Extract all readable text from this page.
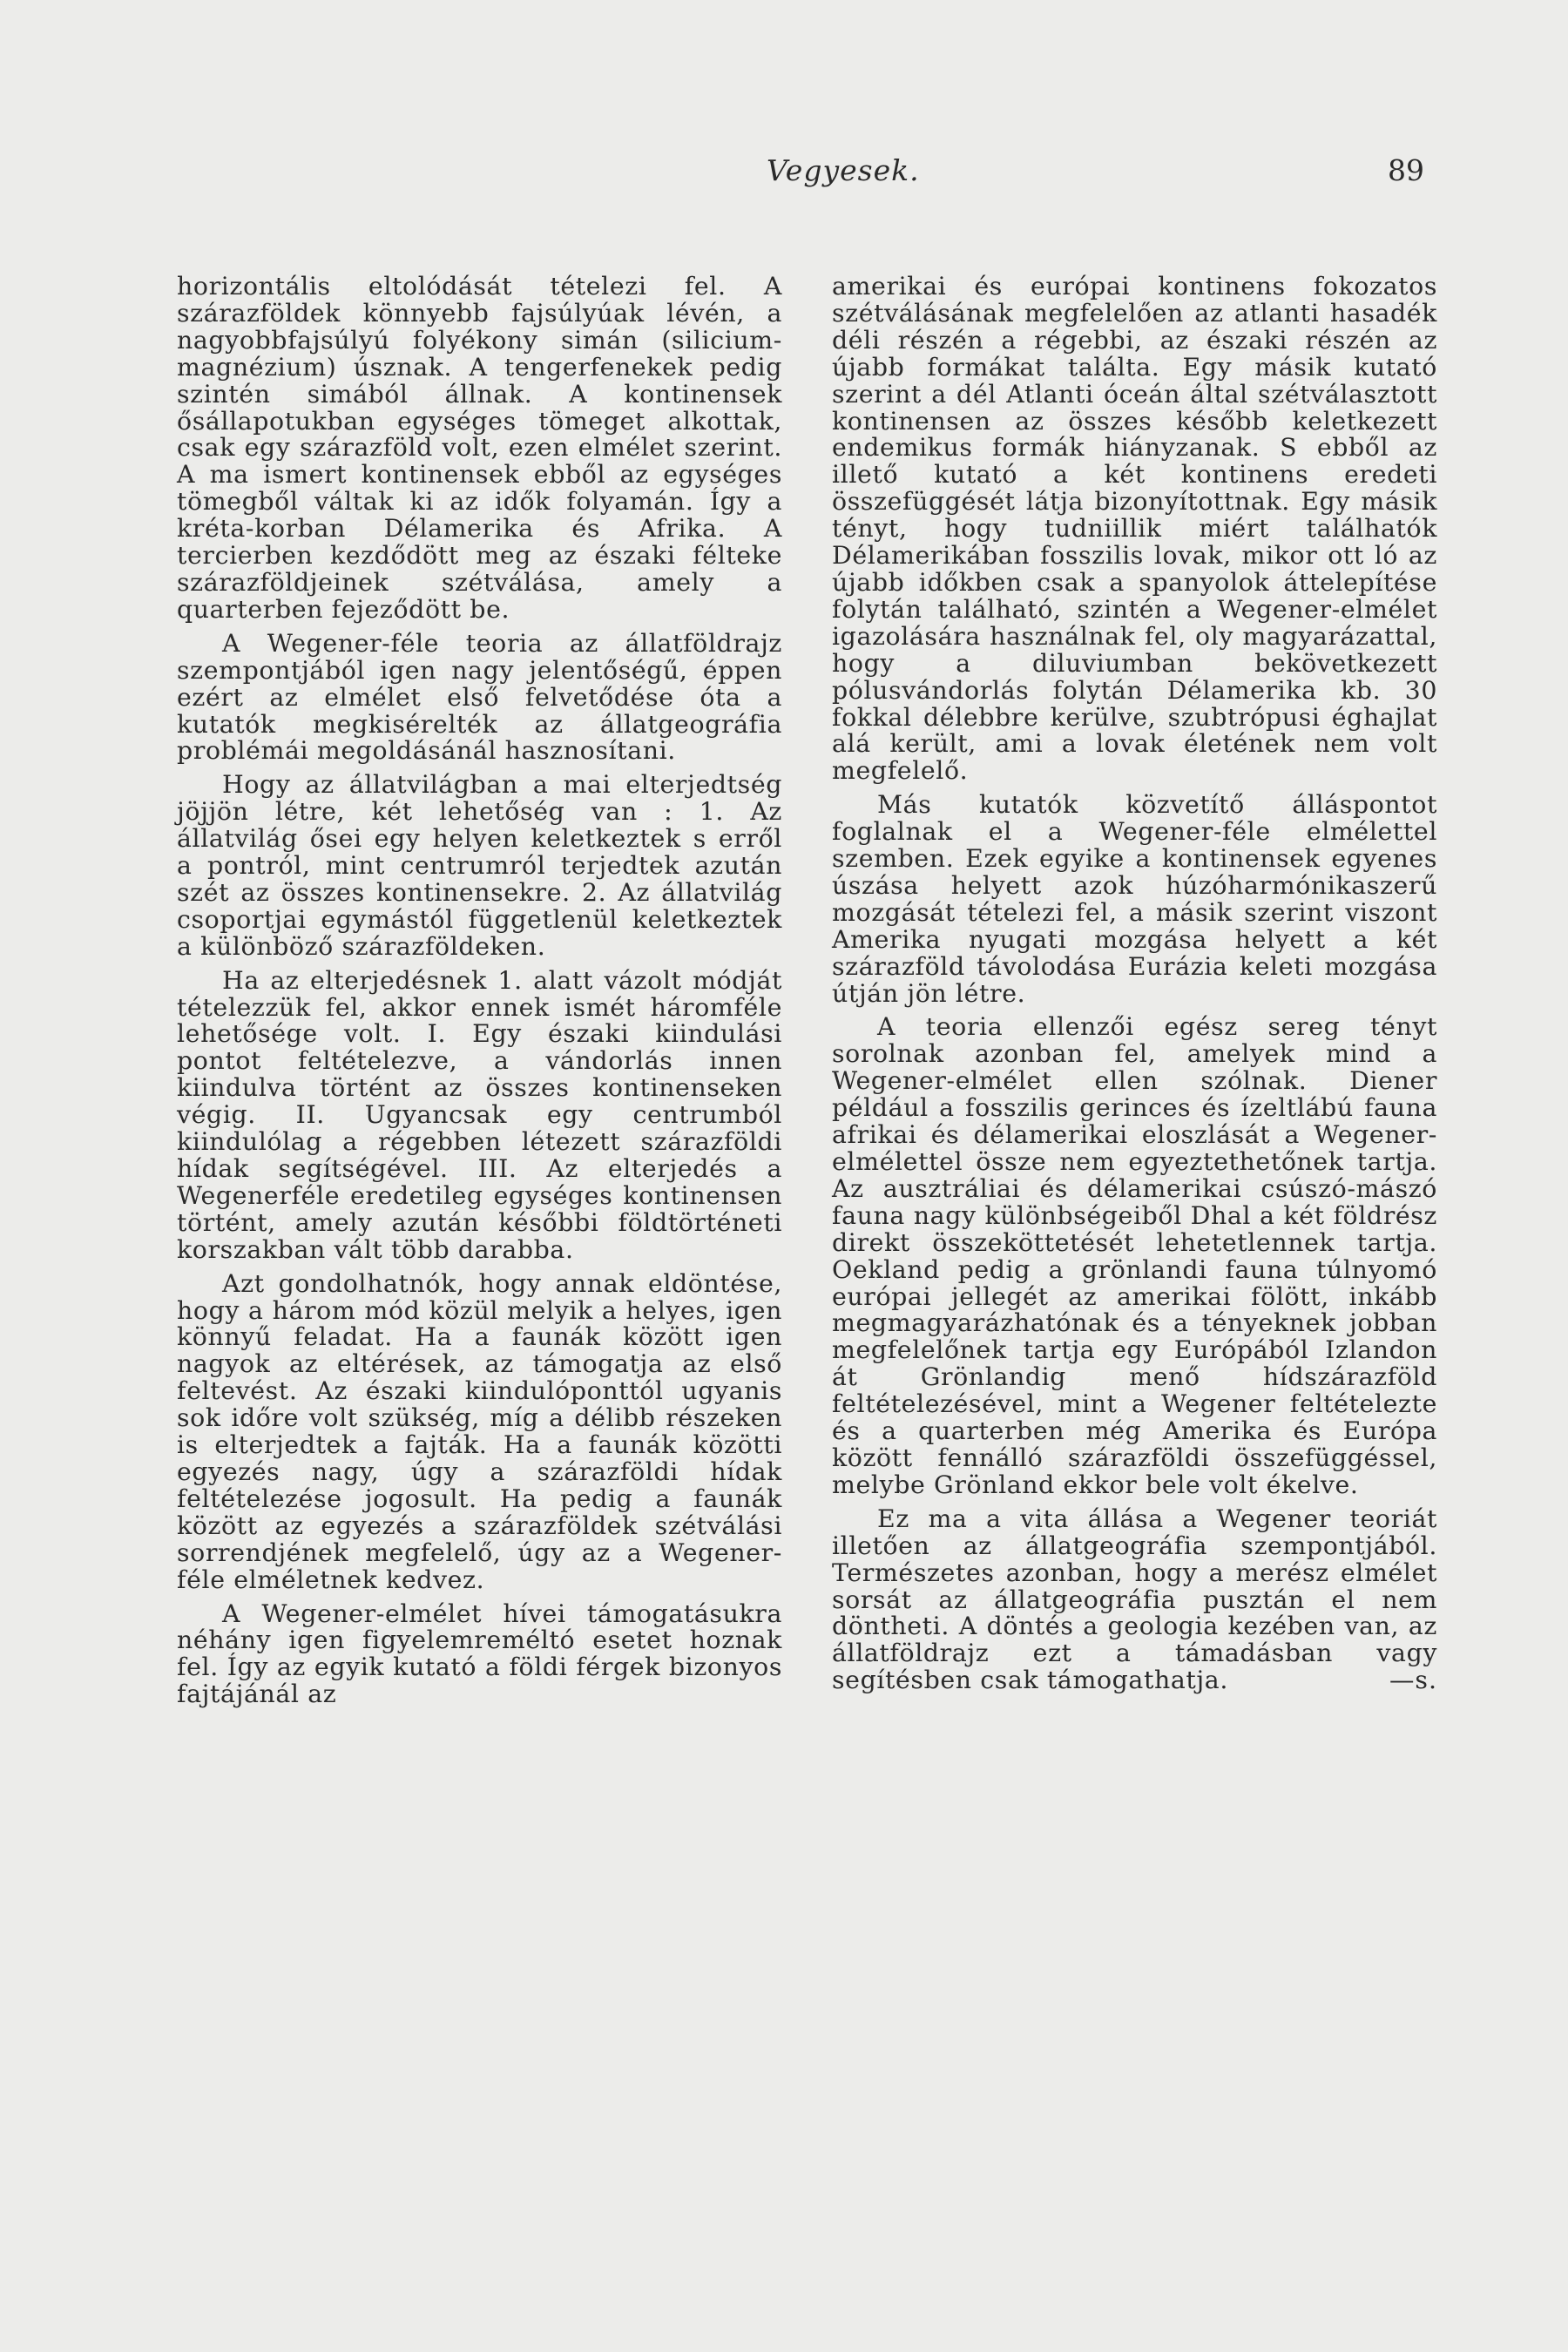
Vegyesek.	89

horizontális eltolódását tételezi fel. A szárazföldek könnyebb fajsúlyúak lévén, a nagyobbfajsúlyú folyékony simán (silicium-magnézium) úsznak. A tengerfenekek pedig szintén simából állnak. A kontinensek ősállapotukban egységes tömeget alkottak, csak egy szárazföld volt, ezen elmélet szerint. A ma ismert kontinensek ebből az egységes tömegből váltak ki az idők folyamán. Így a kréta-korban Délamerika és Afrika. A tercierben kezdődött meg az északi félteke szárazföldjeinek szétválása, amely a quarterben fejeződött be.

A Wegener-féle teoria az állatföldrajz szempontjából igen nagy jelentőségű, éppen ezért az elmélet első felvetődése óta a kutatók megkisérelték az állatgeográfia problémái megoldásánál hasznosítani.

Hogy az állatvilágban a mai elterjedtség jöjjön létre, két lehetőség van : 1. Az állatvilág ősei egy helyen keletkeztek s erről a pontról, mint centrumról terjedtek azután szét az összes kontinensekre. 2. Az állatvilág csoportjai egymástól függetlenül keletkeztek a különböző szárazföldeken.

Ha az elterjedésnek 1. alatt vázolt módját tételezzük fel, akkor ennek ismét háromféle lehetősége volt. I. Egy északi kiindulási pontot feltételezve, a vándorlás innen kiindulva történt az összes kontinenseken végig. II. Ugyancsak egy centrumból kiindulólag a régebben létezett szárazföldi hídak segítségével. III. Az elterjedés a Wegenerféle eredetileg egységes kontinensen történt, amely azután későbbi földtörténeti korszakban vált több darabba.

Azt gondolhatnók, hogy annak eldöntése, hogy a három mód közül melyik a helyes, igen könnyű feladat. Ha a faunák között igen nagyok az eltérések, az támogatja az első feltevést. Az északi kiindulóponttól ugyanis sok időre volt szükség, míg a délibb részeken is elterjedtek a fajták. Ha a faunák közötti egyezés nagy, úgy a szárazföldi hídak feltételezése jogosult. Ha pedig a faunák között az egyezés a szárazföldek szétválási sorrendjének megfelelő, úgy az a Wegener-féle elméletnek kedvez.

A Wegener-elmélet hívei támogatásukra néhány igen figyelemreméltó esetet hoznak fel. Így az egyik kutató a földi férgek bizonyos fajtájánál az

amerikai és európai kontinens fokozatos szétválásának megfelelően az atlanti hasadék déli részén a régebbi, az északi részén az újabb formákat találta. Egy másik kutató szerint a dél Atlanti óceán által szétválasztott kontinensen az összes később keletkezett endemikus formák hiányzanak. S ebből az illető kutató a két kontinens eredeti összefüggését látja bizonyítottnak. Egy másik tényt, hogy tudniillik miért találhatók Délamerikában fosszilis lovak, mikor ott ló az újabb időkben csak a spanyolok áttelepítése folytán található, szintén a Wegener-elmélet igazolására használnak fel, oly magyarázattal, hogy a diluviumban bekövetkezett pólusvándorlás folytán Délamerika kb. 30 fokkal délebbre kerülve, szubtrópusi éghajlat alá került, ami a lovak életének nem volt megfelelő.

Más kutatók közvetítő álláspontot foglalnak el a Wegener-féle elmélettel szemben. Ezek egyike a kontinensek egyenes úszása helyett azok húzóharmónikaszerű mozgását tételezi fel, a másik szerint viszont Amerika nyugati mozgása helyett a két szárazföld távolodása Eurázia keleti mozgása útján jön létre.

A teoria ellenzői egész sereg tényt sorolnak azonban fel, amelyek mind a Wegener-elmélet ellen szólnak. Diener például a fosszilis gerinces és ízeltlábú fauna afrikai és délamerikai eloszlását a Wegener-elmélettel össze nem egyeztethetőnek tartja. Az ausztráliai és délamerikai csúszó-mászó fauna nagy különbségeiből Dhal a két földrész direkt összeköttetését lehetetlennek tartja. Oekland pedig a grönlandi fauna túlnyomó európai jellegét az amerikai fölött, inkább megmagyarázhatónak és a tényeknek jobban megfelelőnek tartja egy Európából Izlandon át Grönlandig menő hídszárazföld feltételezésével, mint a Wegener feltételezte és a quarterben még Amerika és Európa között fennálló szárazföldi összefüggéssel, melybe Grönland ekkor bele volt ékelve.

Ez ma a vita állása a Wegener teoriát illetően az állatgeográfia szempontjából. Természetes azonban, hogy a merész elmélet sorsát az állatgeográfia pusztán el nem döntheti. A döntés a geologia kezében van, az állatföldrajz ezt a támadásban vagy segítésben csak támogathatja.	—s.
